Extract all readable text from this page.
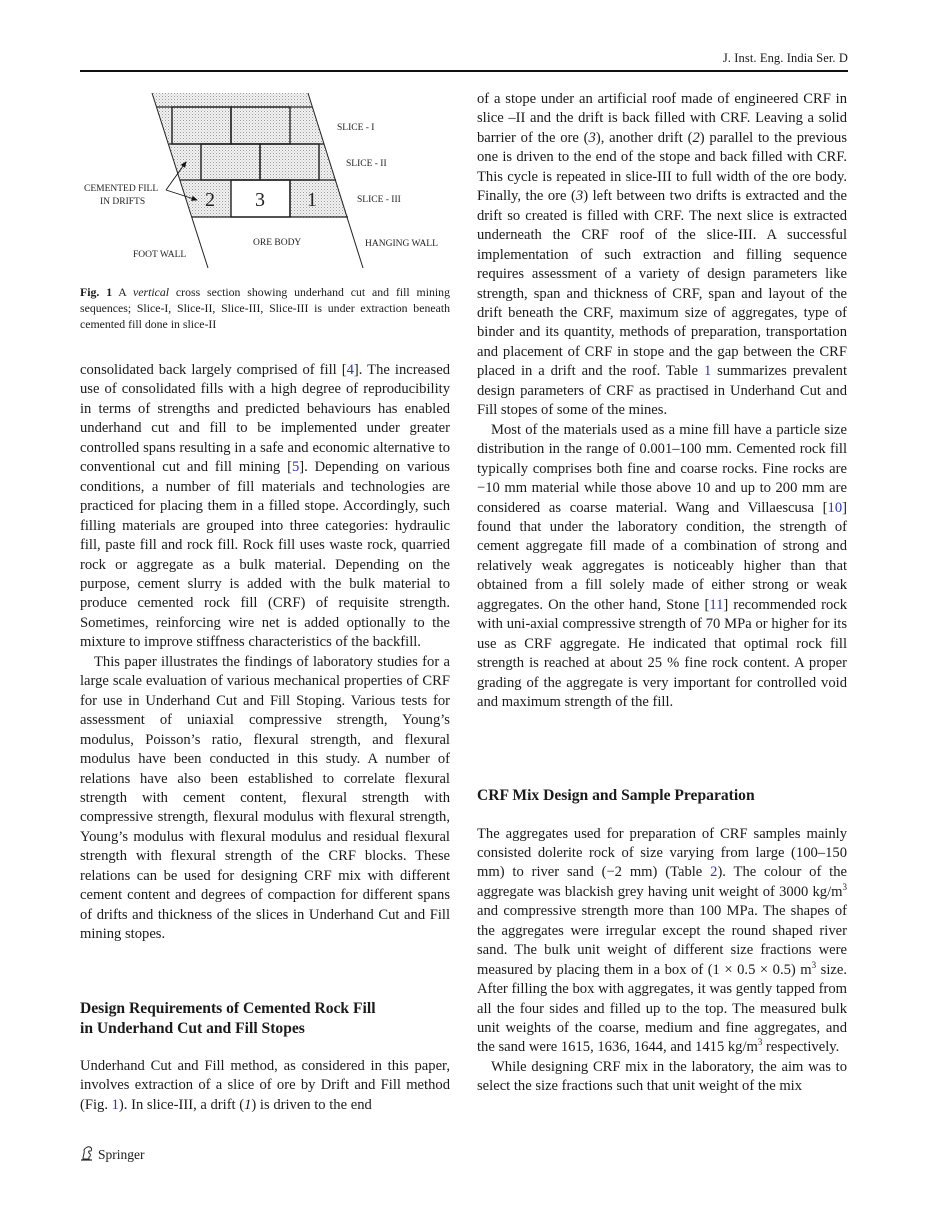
J. Inst. Eng. India Ser. D
2 3 1
SLICE - I
SLICE - II
SLICE - III
CEMENTED FILL
IN DRIFTS
FOOT WALL
ORE BODY	HANGING WALL
Fig. 1 A vertical cross section showing underhand cut and fill mining sequences; Slice-I, Slice-II, Slice-III, Slice-III is under extraction beneath cemented fill done in slice-II

consolidated back largely comprised of fill [4]. The increased use of consolidated fills with a high degree of reproducibility in terms of strengths and predicted behaviours has enabled underhand cut and fill to be implemented under greater controlled spans resulting in a safe and economic alternative to conventional cut and fill mining [5]. Depending on various conditions, a number of fill materials and technologies are practiced for placing them in a filled stope. Accordingly, such filling materials are grouped into three categories: hydraulic fill, paste fill and rock fill. Rock fill uses waste rock, quarried rock or aggregate as a bulk material. Depending on the purpose, cement slurry is added with the bulk material to produce cemented rock fill (CRF) of requisite strength. Sometimes, reinforcing wire net is added optionally to the mixture to improve stiffness characteristics of the backfill.

This paper illustrates the findings of laboratory studies for a large scale evaluation of various mechanical properties of CRF for use in Underhand Cut and Fill Stoping. Various tests for assessment of uniaxial compressive strength, Young’s modulus, Poisson’s ratio, flexural strength, and flexural modulus have been conducted in this study. A number of relations have also been established to correlate flexural strength with cement content, flexural strength with compressive strength, flexural modulus with flexural strength, Young’s modulus with flexural modulus and residual flexural strength with flexural strength of the CRF blocks. These relations can be used for designing CRF mix with different cement content and degrees of compaction for different spans of drifts and thickness of the slices in Underhand Cut and Fill mining stopes.

Design Requirements of Cemented Rock Fill
in Underhand Cut and Fill Stopes

Underhand Cut and Fill method, as considered in this paper, involves extraction of a slice of ore by Drift and Fill method (Fig. 1). In slice-III, a drift (1) is driven to the end

of a stope under an artificial roof made of engineered CRF in slice –II and the drift is back filled with CRF. Leaving a solid barrier of the ore (3), another drift (2) parallel to the previous one is driven to the end of the stope and back filled with CRF. This cycle is repeated in slice-III to full width of the ore body. Finally, the ore (3) left between two drifts is extracted and the drift so created is filled with CRF. The next slice is extracted underneath the CRF roof of the slice-III. A successful implementation of such extraction and filling sequence requires assessment of a variety of design parameters like strength, span and thickness of CRF, span and layout of the drift beneath the CRF, maximum size of aggregates, type of binder and its quantity, methods of preparation, transportation and placement of CRF in stope and the gap between the CRF placed in a drift and the roof. Table 1 summarizes prevalent design parameters of CRF as practised in Underhand Cut and Fill stopes of some of the mines.

Most of the materials used as a mine fill have a particle size distribution in the range of 0.001–100 mm. Cemented rock fill typically comprises both fine and coarse rocks. Fine rocks are −10 mm material while those above 10 and up to 200 mm are considered as coarse material. Wang and Villaescusa [10] found that under the laboratory condition, the strength of cement aggregate fill made of a combination of strong and relatively weak aggregates is noticeably higher than that obtained from a fill solely made of either strong or weak aggregates. On the other hand, Stone [11] recommended rock with uni-axial compressive strength of 70 MPa or higher for its use as CRF aggregate. He indicated that optimal rock fill strength is reached at about 25 % fine rock content. A proper grading of the aggregate is very important for controlled void and maximum strength of the fill.

CRF Mix Design and Sample Preparation

The aggregates used for preparation of CRF samples mainly consisted dolerite rock of size varying from large (100–150 mm) to river sand (−2 mm) (Table 2). The colour of the aggregate was blackish grey having unit weight of 3000 $kg/m^3$ and compressive strength more than 100 MPa. The shapes of the aggregates were irregular except the round shaped river sand. The bulk unit weight of different size fractions were measured by placing them in a box of (1 × 0.5 × 0.5) $m^3$ size. After filling the box with aggregates, it was gently tapped from all the four sides and filled up to the top. The measured bulk unit weights of the coarse, medium and fine aggregates, and the sand were 1615, 1636, 1644, and 1415 $kg/m^3$ respectively.

While designing CRF mix in the laboratory, the aim was to select the size fractions such that unit weight of the mix

Springer
